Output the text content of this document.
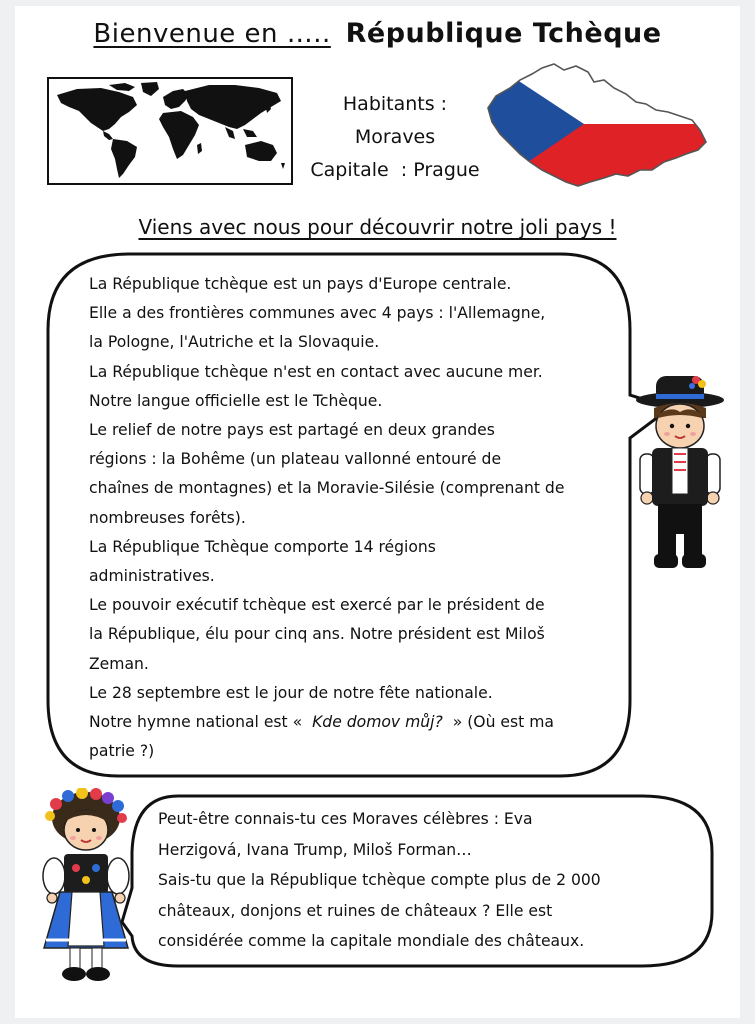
Bienvenue en ….. République Tchèque
Habitants :
Moraves
Capitale  : Prague
Viens avec nous pour découvrir notre joli pays !

La République tchèque est un pays d'Europe centrale.

Elle a des frontières communes avec 4 pays : l'Allemagne,

la Pologne, l'Autriche et la Slovaquie.

La République tchèque n'est en contact avec aucune mer.

Notre langue officielle est le Tchèque.

Le relief de notre pays est partagé en deux grandes

régions : la Bohême (un plateau vallonné entouré de

chaînes de montagnes) et la Moravie-Silésie (comprenant de

nombreuses forêts).

La République Tchèque comporte 14 régions

administratives.

Le pouvoir exécutif tchèque est exercé par le président de

la République, élu pour cinq ans. Notre président est Miloš

Zeman.

Le 28 septembre est le jour de notre fête nationale.

Notre hymne national est «  Kde domov můj?  » (Où est ma

patrie ?)

Peut-être connais-tu ces Moraves célèbres : Eva

Herzigová, Ivana Trump, Miloš Forman…

Sais-tu que la République tchèque compte plus de 2 000

châteaux, donjons et ruines de châteaux ? Elle est

considérée comme la capitale mondiale des châteaux.
